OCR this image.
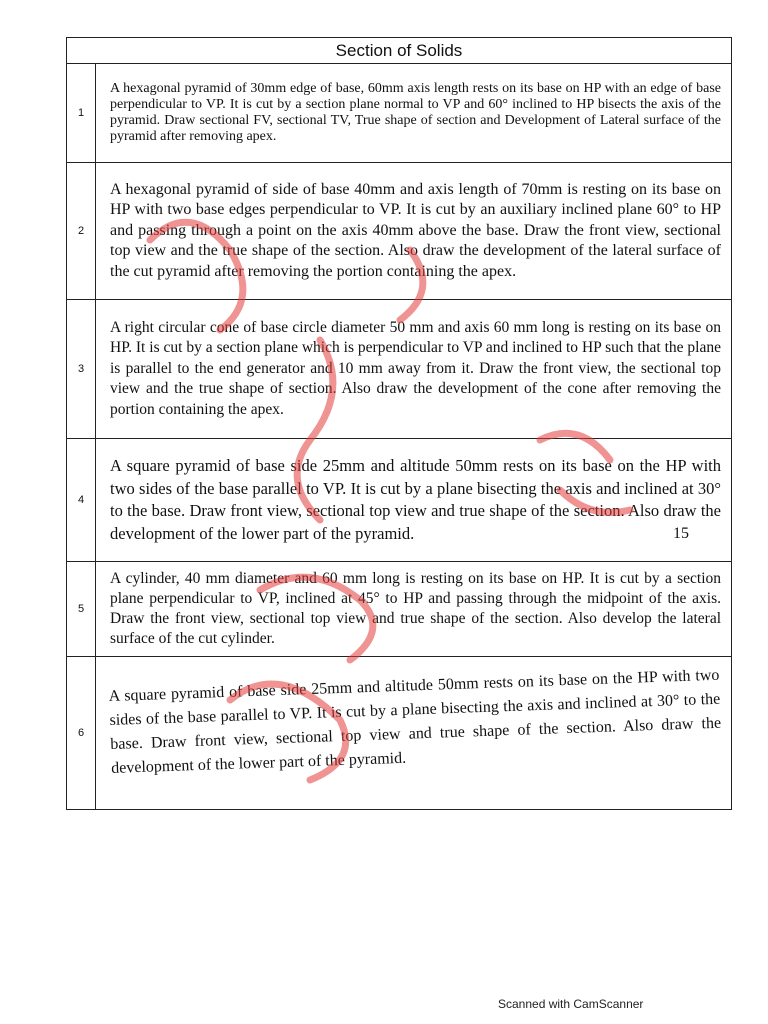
Section of Solids
1

A hexagonal pyramid of 30mm edge of base, 60mm axis length rests on its base on HP with an edge of base perpendicular to VP. It is cut by a section plane normal to VP and 60° inclined to HP bisects the axis of the pyramid. Draw sectional FV, sectional TV, True shape of section and Development of Lateral surface of the pyramid after removing apex.

2

A hexagonal pyramid of side of base 40mm and axis length of 70mm is resting on its base on HP with two base edges perpendicular to VP. It is cut by an auxiliary inclined plane 60° to HP and passing through a point on the axis 40mm above the base. Draw the front view, sectional top view and the true shape of the section. Also draw the development of the lateral surface of the cut pyramid after removing the portion containing the apex.

3

A right circular cone of base circle diameter 50 mm and axis 60 mm long is resting on its base on HP. It is cut by a section plane which is perpendicular to VP and inclined to HP such that the plane is parallel to the end generator and 10 mm away from it. Draw the front view, the sectional top view and the true shape of section. Also draw the development of the cone after removing the portion containing the apex.

4

A square pyramid of base side 25mm and altitude 50mm rests on its base on the HP with two sides of the base parallel to VP. It is cut by a plane bisecting the axis and inclined at 30° to the base. Draw front view, sectional top view and true shape of the section. Also draw the development of the lower part of the pyramid.	15
5

A cylinder, 40 mm diameter and 60 mm long is resting on its base on HP. It is cut by a section plane perpendicular to VP, inclined at 45° to HP and passing through the midpoint of the axis. Draw the front view, sectional top view and true shape of the section. Also develop the lateral surface of the cut cylinder.

6

A square pyramid of base side 25mm and altitude 50mm rests on its base on the HP with two sides of the base parallel to VP. It is cut by a plane bisecting the axis and inclined at 30° to the base. Draw front view, sectional top view and true shape of the section. Also draw the development of the lower part of the pyramid.

Scanned with CamScanner
